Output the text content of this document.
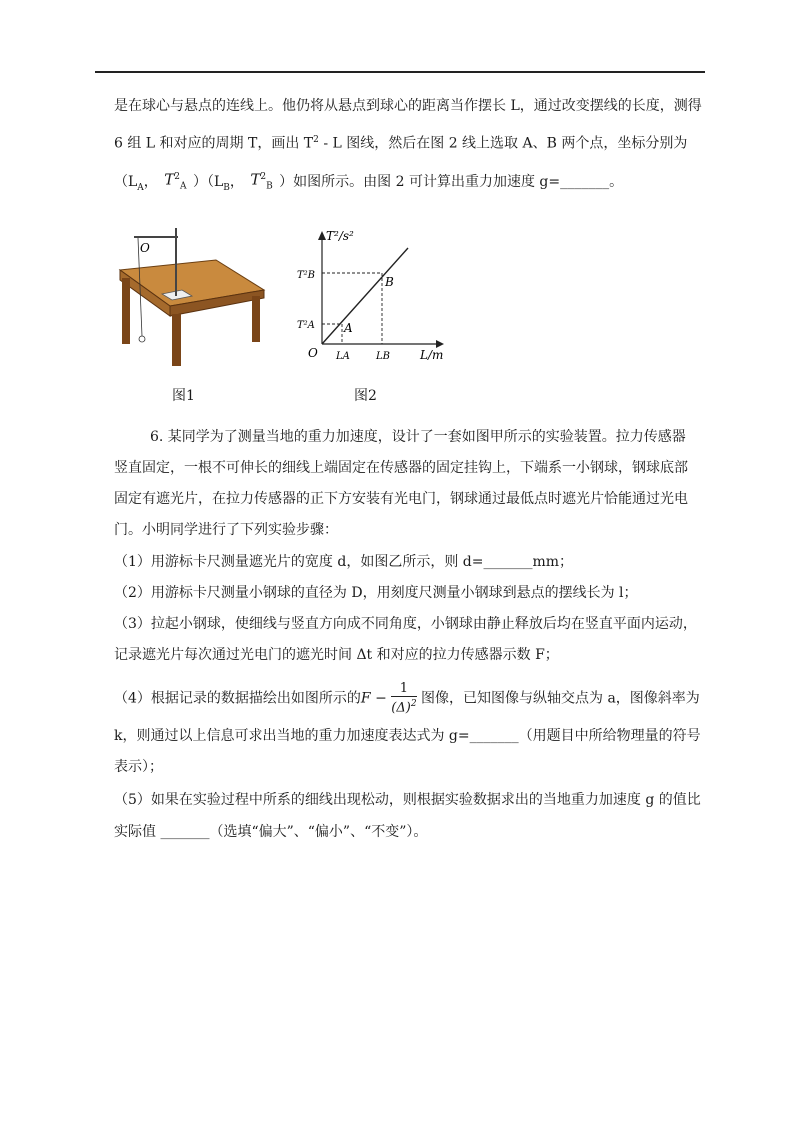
是在球心与悬点的连线上。他仍将从悬点到球心的距离当作摆长 L，通过改变摆线的长度，测得
6 组 L 和对应的周期 T，画出 $T^2$ - L 图线，然后在图 2 线上选取 A、B 两个点，坐标分别为
（$L_A$， $T^2_A$ ）（$L_B$， $T^2_B$ ）如图所示。由图 2 可计算出重力加速度 g=_______。
O
图1
T²/s²
L/m
O
B
A
T²B
T²A
LA	LB
图2
6. 某同学为了测量当地的重力加速度，设计了一套如图甲所示的实验装置。拉力传感器
竖直固定，一根不可伸长的细线上端固定在传感器的固定挂钩上，下端系一小钢球，钢球底部
固定有遮光片，在拉力传感器的正下方安装有光电门，钢球通过最低点时遮光片恰能通过光电
门。小明同学进行了下列实验步骤：
（1）用游标卡尺测量遮光片的宽度 d，如图乙所示，则 d=_______mm；
（2）用游标卡尺测量小钢球的直径为 D，用刻度尺测量小钢球到悬点的摆线长为 l；
（3）拉起小钢球，使细线与竖直方向成不同角度，小钢球由静止释放后均在竖直平面内运动，
记录遮光片每次通过光电门的遮光时间 Δt 和对应的拉力传感器示数 F；
（4）根据记录的数据描绘出如图所示的$F - \frac{1}{(\Delta)^2}$ 图像，已知图像与纵轴交点为 a，图像斜率为
k，则通过以上信息可求出当地的重力加速度表达式为 g=_______（用题目中所给物理量的符号
表示）；
（5）如果在实验过程中所系的细线出现松动，则根据实验数据求出的当地重力加速度 g 的值比
实际值 _______（选填“偏大”、“偏小”、“不变”）。
